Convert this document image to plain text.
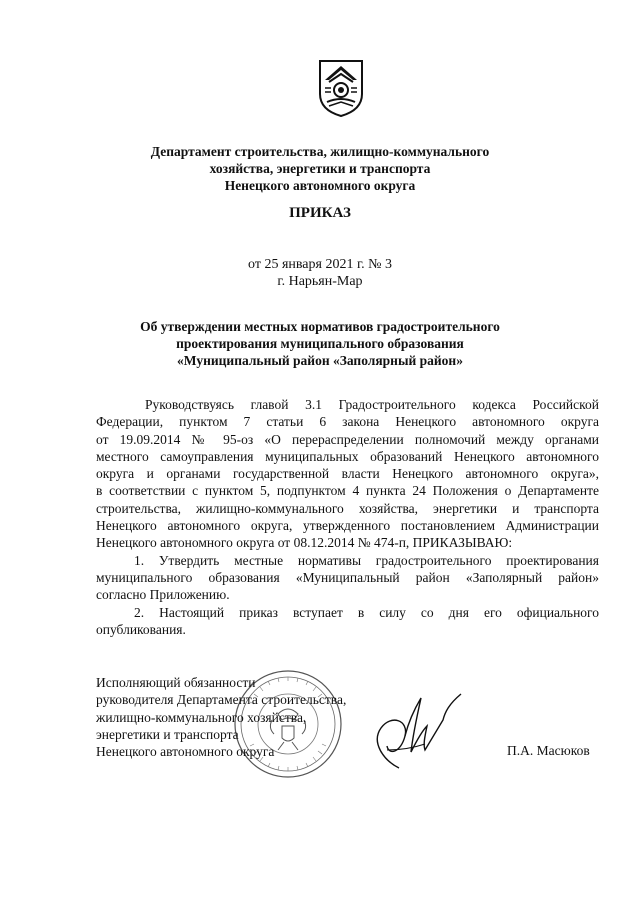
Департамент строительства, жилищно-коммунального
хозяйства, энергетики и транспорта
Ненецкого автономного округа
ПРИКАЗ
от 25 января 2021 г. № 3
г. Нарьян-Мар
Об утверждении местных нормативов градостроительного
проектирования муниципального образования
«Муниципальный район «Заполярный район»
Руководствуясь главой 3.1 Градостроительного кодекса Российской
Федерации, пунктом 7 статьи 6 закона Ненецкого автономного округа
от 19.09.2014 № 95-оз «О перераспределении полномочий между органами
местного самоуправления муниципальных образований Ненецкого автономного
округа и органами государственной власти Ненецкого автономного округа»,
в соответствии с пунктом 5, подпунктом 4 пункта 24 Положения о Департаменте
строительства, жилищно-коммунального хозяйства, энергетики и транспорта
Ненецкого автономного округа, утвержденного постановлением Администрации
Ненецкого автономного округа от 08.12.2014 № 474-п, ПРИКАЗЫВАЮ:
1. Утвердить местные нормативы градостроительного проектирования
муниципального образования «Муниципальный район «Заполярный район»
согласно Приложению.
2. Настоящий приказ вступает в силу со дня его официального
опубликования.
Исполняющий обязанности
руководителя Департамента строительства,
жилищно-коммунального хозяйства,
энергетики и транспорта
Ненецкого автономного округа	П.А. Масюков
